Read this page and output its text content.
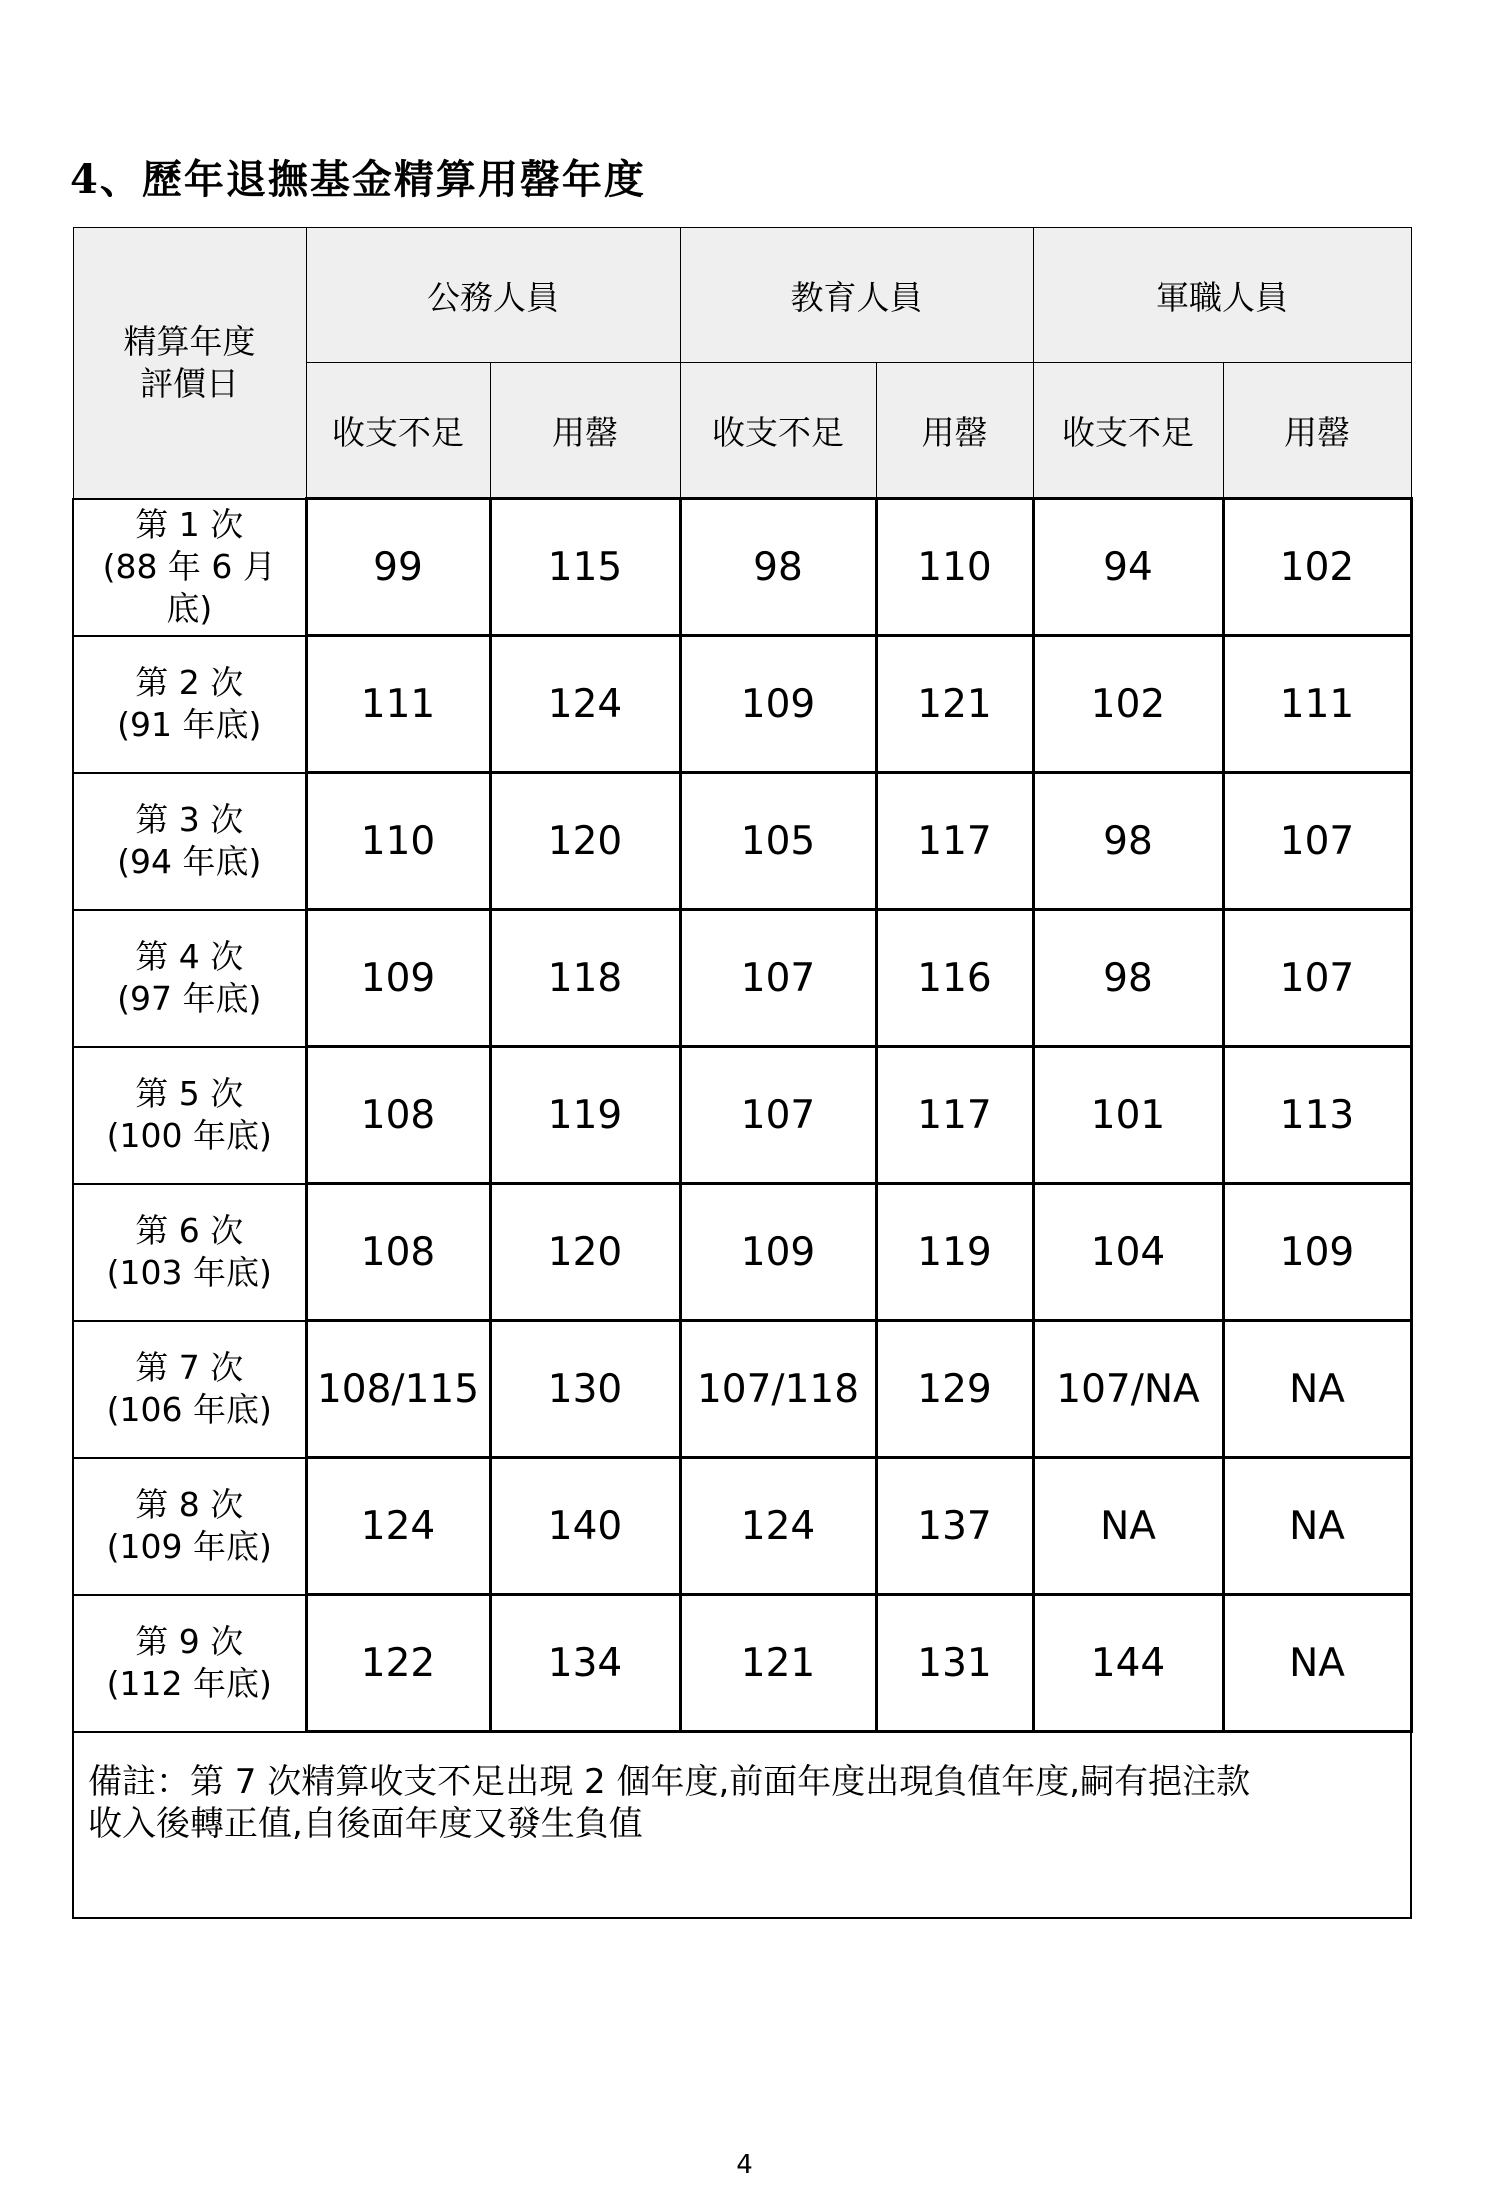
4、歷年退撫基金精算用罄年度
精算年度
評價日	公務人員		教育人員		軍職人員	
	收支不足	用罄	收支不足	用罄	收支不足	用罄

第 1 次
(88 年 6 月
底)	99	115	98	110	94	102

第 2 次
(91 年底)	111	124	109	121	102	111

第 3 次
(94 年底)	110	120	105	117	98	107

第 4 次
(97 年底)	109	118	107	116	98	107

第 5 次
(100 年底)	108	119	107	117	101	113

第 6 次
(103 年底)	108	120	109	119	104	109

第 7 次
(106 年底)	108/115	130	107/118	129	107/NA	NA

第 8 次
(109 年底)	124	140	124	137	NA	NA

第 9 次
(112 年底)	122	134	121	131	144	NA

備註：第 7 次精算收支不足出現 2 個年度,前面年度出現負值年度,嗣有挹注款
收入後轉正值,自後面年度又發生負值						
4
